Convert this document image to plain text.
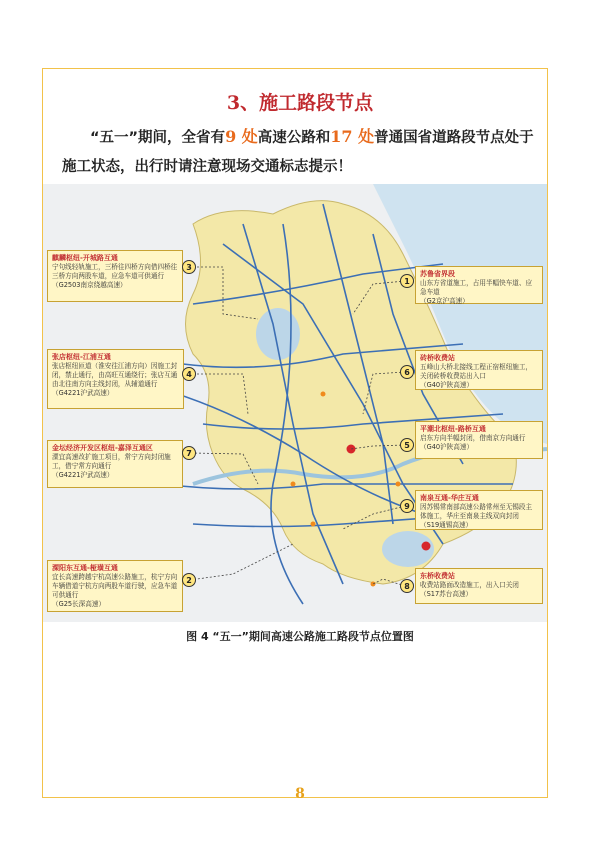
3、施工路段节点
“五一”期间，全省有9 处高速公路和17 处普通国省道路段节点处于施工状态，出行时请注意现场交通标志提示！
麒麟枢纽-开城路互通
宁句线轻轨施工，三桥往四桥方向借四桥往三桥方向两股车道，应急车道可供通行
（G2503南京绕越高速）
3
张店枢纽-江浦互通
张店枢纽匝道（淮安往江浦方向）因施工封闭，禁止通行，由高旺互通绕行；张店互通由北往南方向主线封闭，从辅道通行
（G4221沪武高速）
4
金坛经济开发区枢纽-嘉泽互通区
溧宜高速改扩施工项目，常宁方向封闭施工，借宁常方向通行
（G4221沪武高速）
7
溧阳东互通-桠璜互通
宜长高速跨越宁杭高速公路施工，杭宁方向车辆借道宁杭方向两股车道行驶，应急车道可供通行
（G25长深高速）
2
1
苏鲁省界段
山东方省道施工，占用半幅快车道、应急车道
（G2京沪高速）
6
砖桥收费站
五峰山大桥北接线工程正宿枢纽施工，关闭砖桥收费站出入口
（G40沪陕高速）
5
平潮北枢纽-路桥互通
启东方向半幅封闭，借南京方向通行
（G40沪陕高速）
9
南泉互通-华庄互通
因苏锡常南部高速公路常州至无锡段主体施工，华庄至南泉主线双向封闭
（S19通锡高速）
8
东桥收费站
收费站路面改造施工，出入口关闭
（S17苏台高速）
图 4 “五一”期间高速公路施工路段节点位置图
8
